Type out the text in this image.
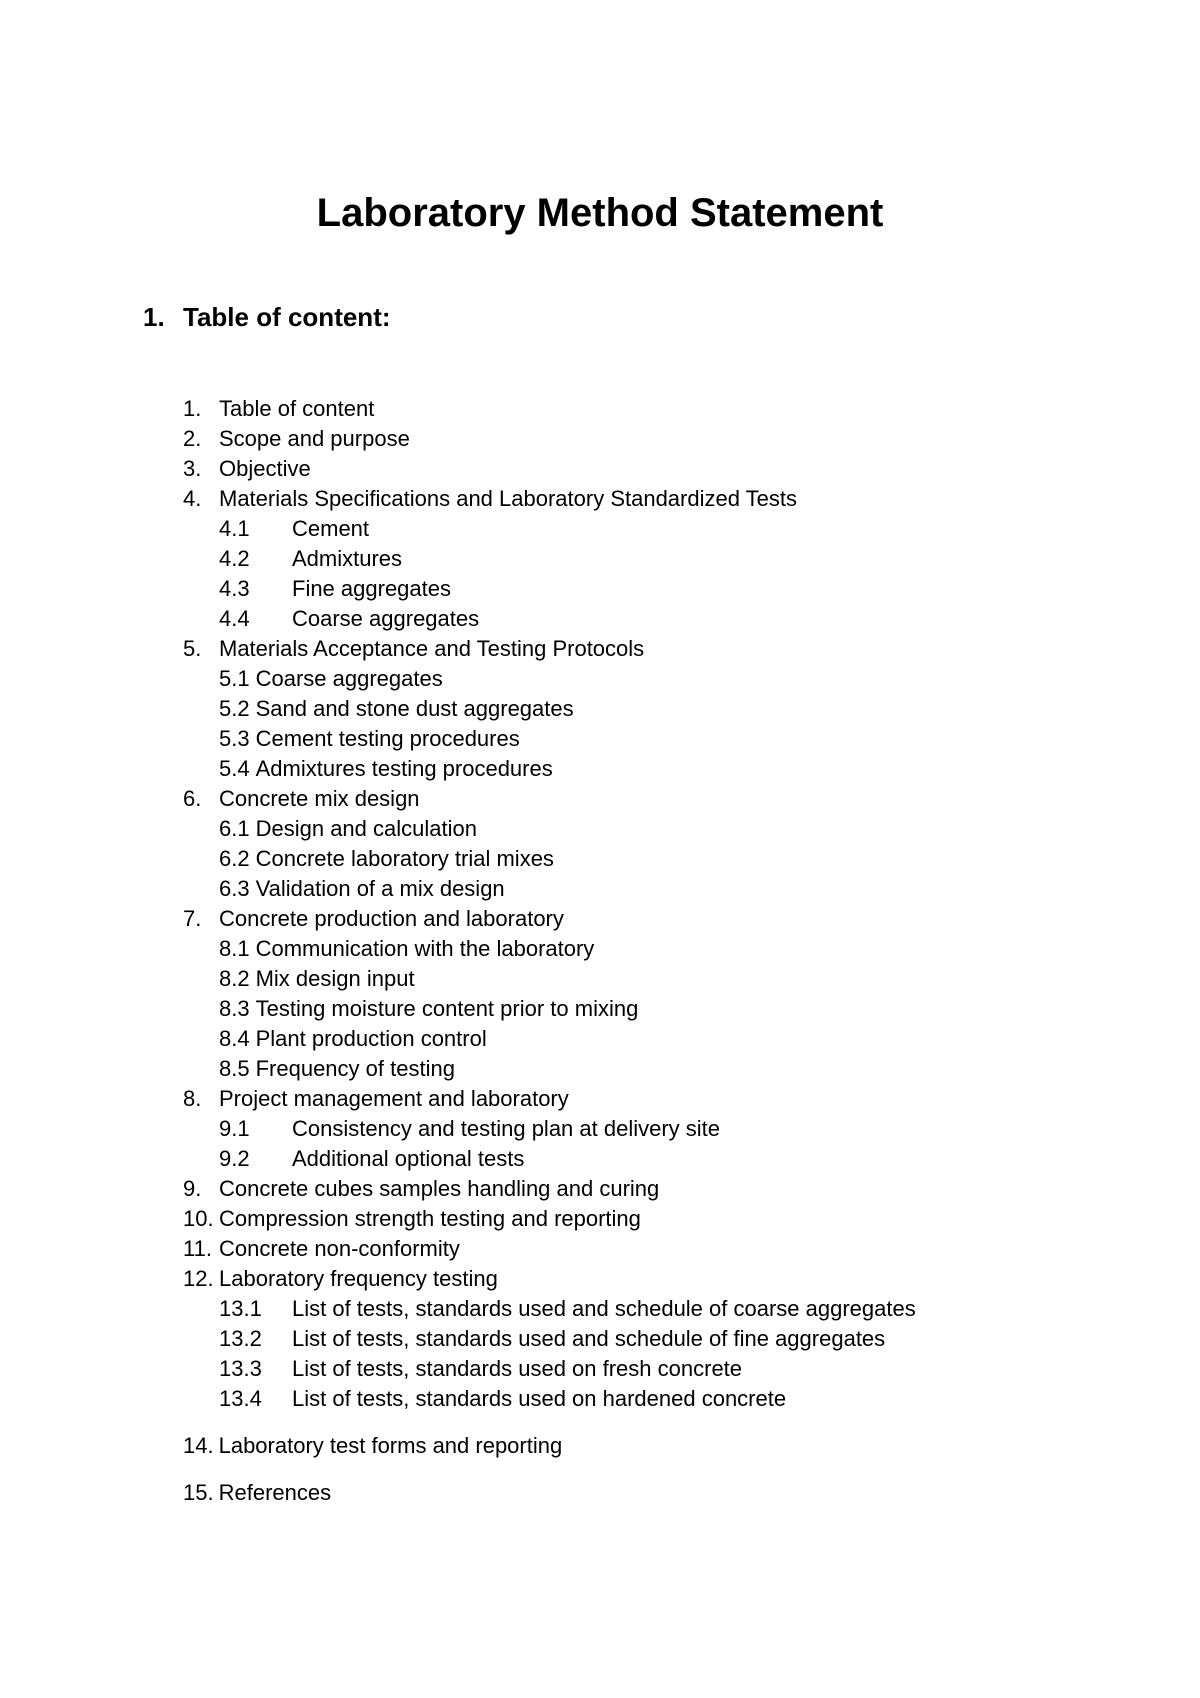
Laboratory Method Statement
1. Table of content:
1. Table of content
2. Scope and purpose
3. Objective
4. Materials Specifications and Laboratory Standardized Tests
4.1 Cement
4.2 Admixtures
4.3 Fine aggregates
4.4 Coarse aggregates
5. Materials Acceptance and Testing Protocols
5.1 Coarse aggregates
5.2 Sand and stone dust aggregates
5.3 Cement testing procedures
5.4 Admixtures testing procedures
6. Concrete mix design
6.1 Design and calculation
6.2 Concrete laboratory trial mixes
6.3 Validation of a mix design
7. Concrete production and laboratory
8.1 Communication with the laboratory
8.2 Mix design input
8.3 Testing moisture content prior to mixing
8.4 Plant production control
8.5 Frequency of testing
8. Project management and laboratory
9.1 Consistency and testing plan at delivery site
9.2 Additional optional tests
9. Concrete cubes samples handling and curing
10. Compression strength testing and reporting
11. Concrete non-conformity
12. Laboratory frequency testing
13.1 List of tests, standards used and schedule of coarse aggregates
13.2 List of tests, standards used and schedule of fine aggregates
13.3 List of tests, standards used on fresh concrete
13.4 List of tests, standards used on hardened concrete
14. Laboratory test forms and reporting
15. References
